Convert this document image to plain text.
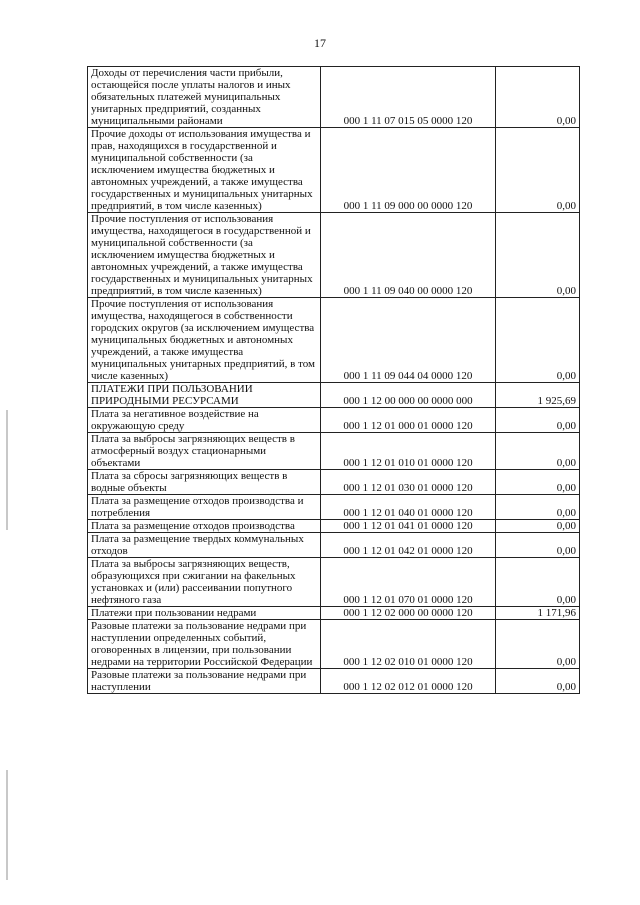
17
Доходы от перечисления части прибыли, остающейся после уплаты налогов и иных обязательных платежей муниципальных унитарных предприятий, созданных муниципальными районами	000 1 11 07 015 05 0000 120	0,00
Прочие доходы от использования имущества и прав, находящихся в государственной и муниципальной собственности (за исключением имущества бюджетных и автономных учреждений, а также имущества государственных и муниципальных унитарных предприятий, в том числе казенных)	000 1 11 09 000 00 0000 120	0,00
Прочие поступления от использования имущества, находящегося в государственной и муниципальной собственности (за исключением имущества бюджетных и автономных учреждений, а также имущества государственных и муниципальных унитарных предприятий, в том числе казенных)	000 1 11 09 040 00 0000 120	0,00
Прочие поступления от использования имущества, находящегося в собственности городских округов (за исключением имущества муниципальных бюджетных и автономных учреждений, а также имущества муниципальных унитарных предприятий, в том числе казенных)	000 1 11 09 044 04 0000 120	0,00
ПЛАТЕЖИ ПРИ ПОЛЬЗОВАНИИ ПРИРОДНЫМИ РЕСУРСАМИ	000 1 12 00 000 00 0000 000	1 925,69
Плата за негативное воздействие на окружающую среду	000 1 12 01 000 01 0000 120	0,00
Плата за выбросы загрязняющих веществ в атмосферный воздух стационарными объектами	000 1 12 01 010 01 0000 120	0,00
Плата за сбросы загрязняющих веществ в водные объекты	000 1 12 01 030 01 0000 120	0,00
Плата за размещение отходов производства и потребления	000 1 12 01 040 01 0000 120	0,00
Плата за размещение отходов производства	000 1 12 01 041 01 0000 120	0,00
Плата за размещение твердых коммунальных отходов	000 1 12 01 042 01 0000 120	0,00
Плата за выбросы загрязняющих веществ, образующихся при сжигании на факельных установках и (или) рассеивании попутного нефтяного газа	000 1 12 01 070 01 0000 120	0,00
Платежи при пользовании недрами	000 1 12 02 000 00 0000 120	1 171,96
Разовые платежи за пользование недрами при наступлении определенных событий, оговоренных в лицензии, при пользовании недрами на территории Российской Федерации	000 1 12 02 010 01 0000 120	0,00
Разовые платежи за пользование недрами при наступлении	000 1 12 02 012 01 0000 120	0,00
